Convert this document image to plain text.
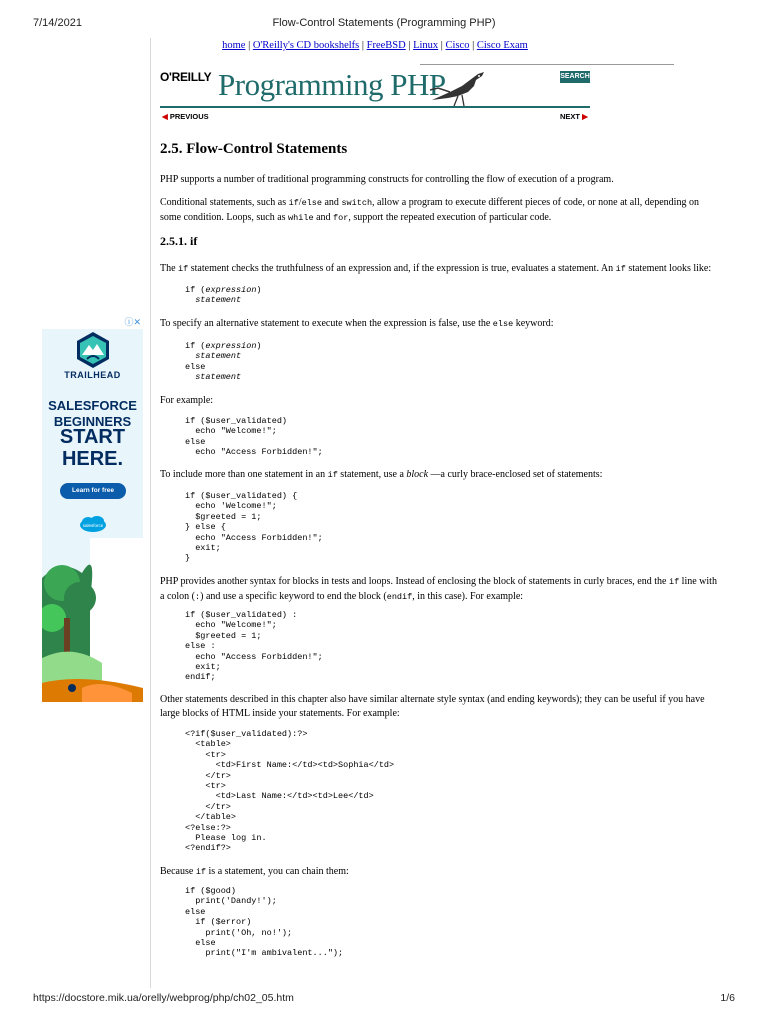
7/14/2021	Flow-Control Statements (Programming PHP)
https://docstore.mik.ua/orelly/webprog/php/ch02_05.htm	1/6
home | O'Reilly's CD bookshelfs | FreeBSD | Linux | Cisco | Cisco Exam
O'REILLY Programming PHP	SEARCH
◀ PREVIOUS	NEXT ▶
2.5. Flow-Control Statements
PHP supports a number of traditional programming constructs for controlling the flow of execution of a program.
Conditional statements, such as if/else and switch, allow a program to execute different pieces of code, or none at all, depending on some condition. Loops, such as while and for, support the repeated execution of particular code.
2.5.1. if
The if statement checks the truthfulness of an expression and, if the expression is true, evaluates a statement. An if statement looks like:
if (expression)
statement
To specify an alternative statement to execute when the expression is false, use the else keyword:
if (expression)
statement
else
statement
For example:
if ($user_validated)
echo "Welcome!";
else
echo "Access Forbidden!";
To include more than one statement in an if statement, use a block —a curly brace-enclosed set of statements:
if ($user_validated) {
echo 'Welcome!";
$greeted = 1;
} else {
echo "Access Forbidden!";
exit;
}
PHP provides another syntax for blocks in tests and loops. Instead of enclosing the block of statements in curly braces, end the if line with a colon (:) and use a specific keyword to end the block (endif, in this case). For example:
if ($user_validated) :
echo "Welcome!";
$greeted = 1;
else :
echo "Access Forbidden!";
exit;
endif;
Other statements described in this chapter also have similar alternate style syntax (and ending keywords); they can be useful if you have large blocks of HTML inside your statements. For example:
<?if($user_validated):?>
<table>
<tr>
<td>First Name:</td><td>Sophia</td>
</tr>
<tr>
<td>Last Name:</td><td>Lee</td>
</tr>
</table>
<?else:?>
Please log in.
<?endif?>
Because if is a statement, you can chain them:
if ($good)
print('Dandy!');
else
if ($error)
print('Oh, no!');
else
print("I'm ambivalent...");
ⓘ✕
TRAILHEAD
SALESFORCE BEGINNERS
START HERE.
Learn for free
salesforce
